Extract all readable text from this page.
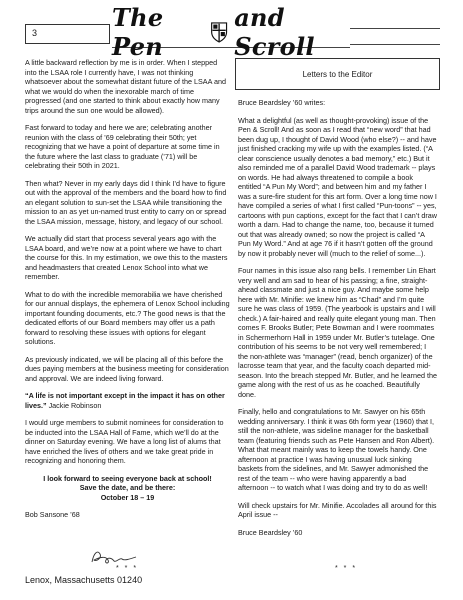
3
The Pen
and Scroll

A little backward reflection by me is in order. When I stepped into the LSAA role I currently have, I was not thinking whatsoever about the somewhat distant future of the LSAA and what we would do when the inexorable march of time progressed (and one started to think about exactly how many trips around the sun one would be allowed).

Fast forward to today and here we are; celebrating another reunion with the class of ’69 celebrating their 50th; yet recognizing that we have a point of departure at some time in the future where the last class to graduate (’71) will be celebrating their 50th in 2021.

Then what? Never in my early days did I think I’d have to figure out with the approval of the members and the board how to find an elegant solution to sun-set the LSAA while transitioning the mission to an as yet un-named trust entity to carry on or spread the LSAA mission, message, history, and legacy of our school.

We actually did start that process several years ago with the LSAA board, and we’re now at a point where we have to chart the course for this. In my estimation, we owe this to the masters and headmasters that created Lenox School into what we remember.

What to do with the incredible memorabilia we have cherished for our annual displays, the ephemera of Lenox School including important founding documents, etc.? The good news is that the dedicated efforts of our Board members may offer us a path forward to resolving these issues with options for elegant solutions.

As previously indicated, we will be placing all of this before the dues paying members at the business meeting for consideration and approval. We are indeed living forward.

“A life is not important except in the impact it has on other lives.” Jackie Robinson

I would urge members to submit nominees for consideration to be inducted into the LSAA Hall of Fame, which we’ll do at the dinner on Saturday evening. We have a long list of alums that have enriched the lives of others and we take great pride in recognizing and honoring them.

I look forward to seeing everyone back at school!
Save the date, and be there:
October 18 – 19

Bob Sansone ’68

* * *
Lenox, Massachusetts 01240
Letters to the Editor

Bruce Beardsley ’60 writes:

What a delightful (as well as thought-provoking) issue of the Pen & Scroll! And as soon as I read that “new word” that had been dug up, I thought of David Wood (who else?) -- and have just finished cracking my wife up with the examples listed. (“A clear conscience usually denotes a bad memory,” etc.) But it also reminded me of a parallel David Wood trademark -- plays on words. He had always threatened to compile a book entitled “A Pun My Word”; and between him and my father I was a sure-fire student for this art form. Over a long time now I have compiled a series of what I first called “Pun-toons” -- yes, cartoons with pun captions, except for the fact that I can’t draw worth a darn. Had to change the name, too, because it turned out that was already owned; so now the project is called “A Pun My Word.” And at age 76 if it hasn’t gotten off the ground by now it probably never will (much to the relief of some...).

Four names in this issue also rang bells. I remember Lin Ehart very well and am sad to hear of his passing; a fine, straight-ahead classmate and just a nice guy. And maybe some help here with Mr. Minifie: we knew him as “Chad” and I’m quite sure he was class of 1959. (The yearbook is upstairs and I will check.) A fair-haired and really quite elegant young man. Then comes F. Brooks Butler; Pete Bowman and I were roommates in Schermerhorn Hall in 1959 under Mr. Butler’s tutelage. One contribution of his seems to be not very well remembered; I the non-athlete was “manager” (read, bench organizer) of the lacrosse team that year, and the faculty coach departed mid-season. Into the breach stepped Mr. Butler, and he learned the game along with the rest of us as he coached. Beautifully done.

Finally, hello and congratulations to Mr. Sawyer on his 65th wedding anniversary. I think it was 6th form year (1960) that I, still the non-athlete, was sideline manager for the basketball team (featuring friends such as Pete Hansen and Ron Albert). What that meant mainly was to keep the towels handy. One afternoon at practice I was having unusual luck sinking baskets from the sidelines, and Mr. Sawyer admonished the rest of the team -- who were having apparently a bad afternoon -- to watch what I was doing and try to do as well!

Will check upstairs for Mr. Minifie. Accolades all around for this April issue --

Bruce Beardsley ’60

* * *
